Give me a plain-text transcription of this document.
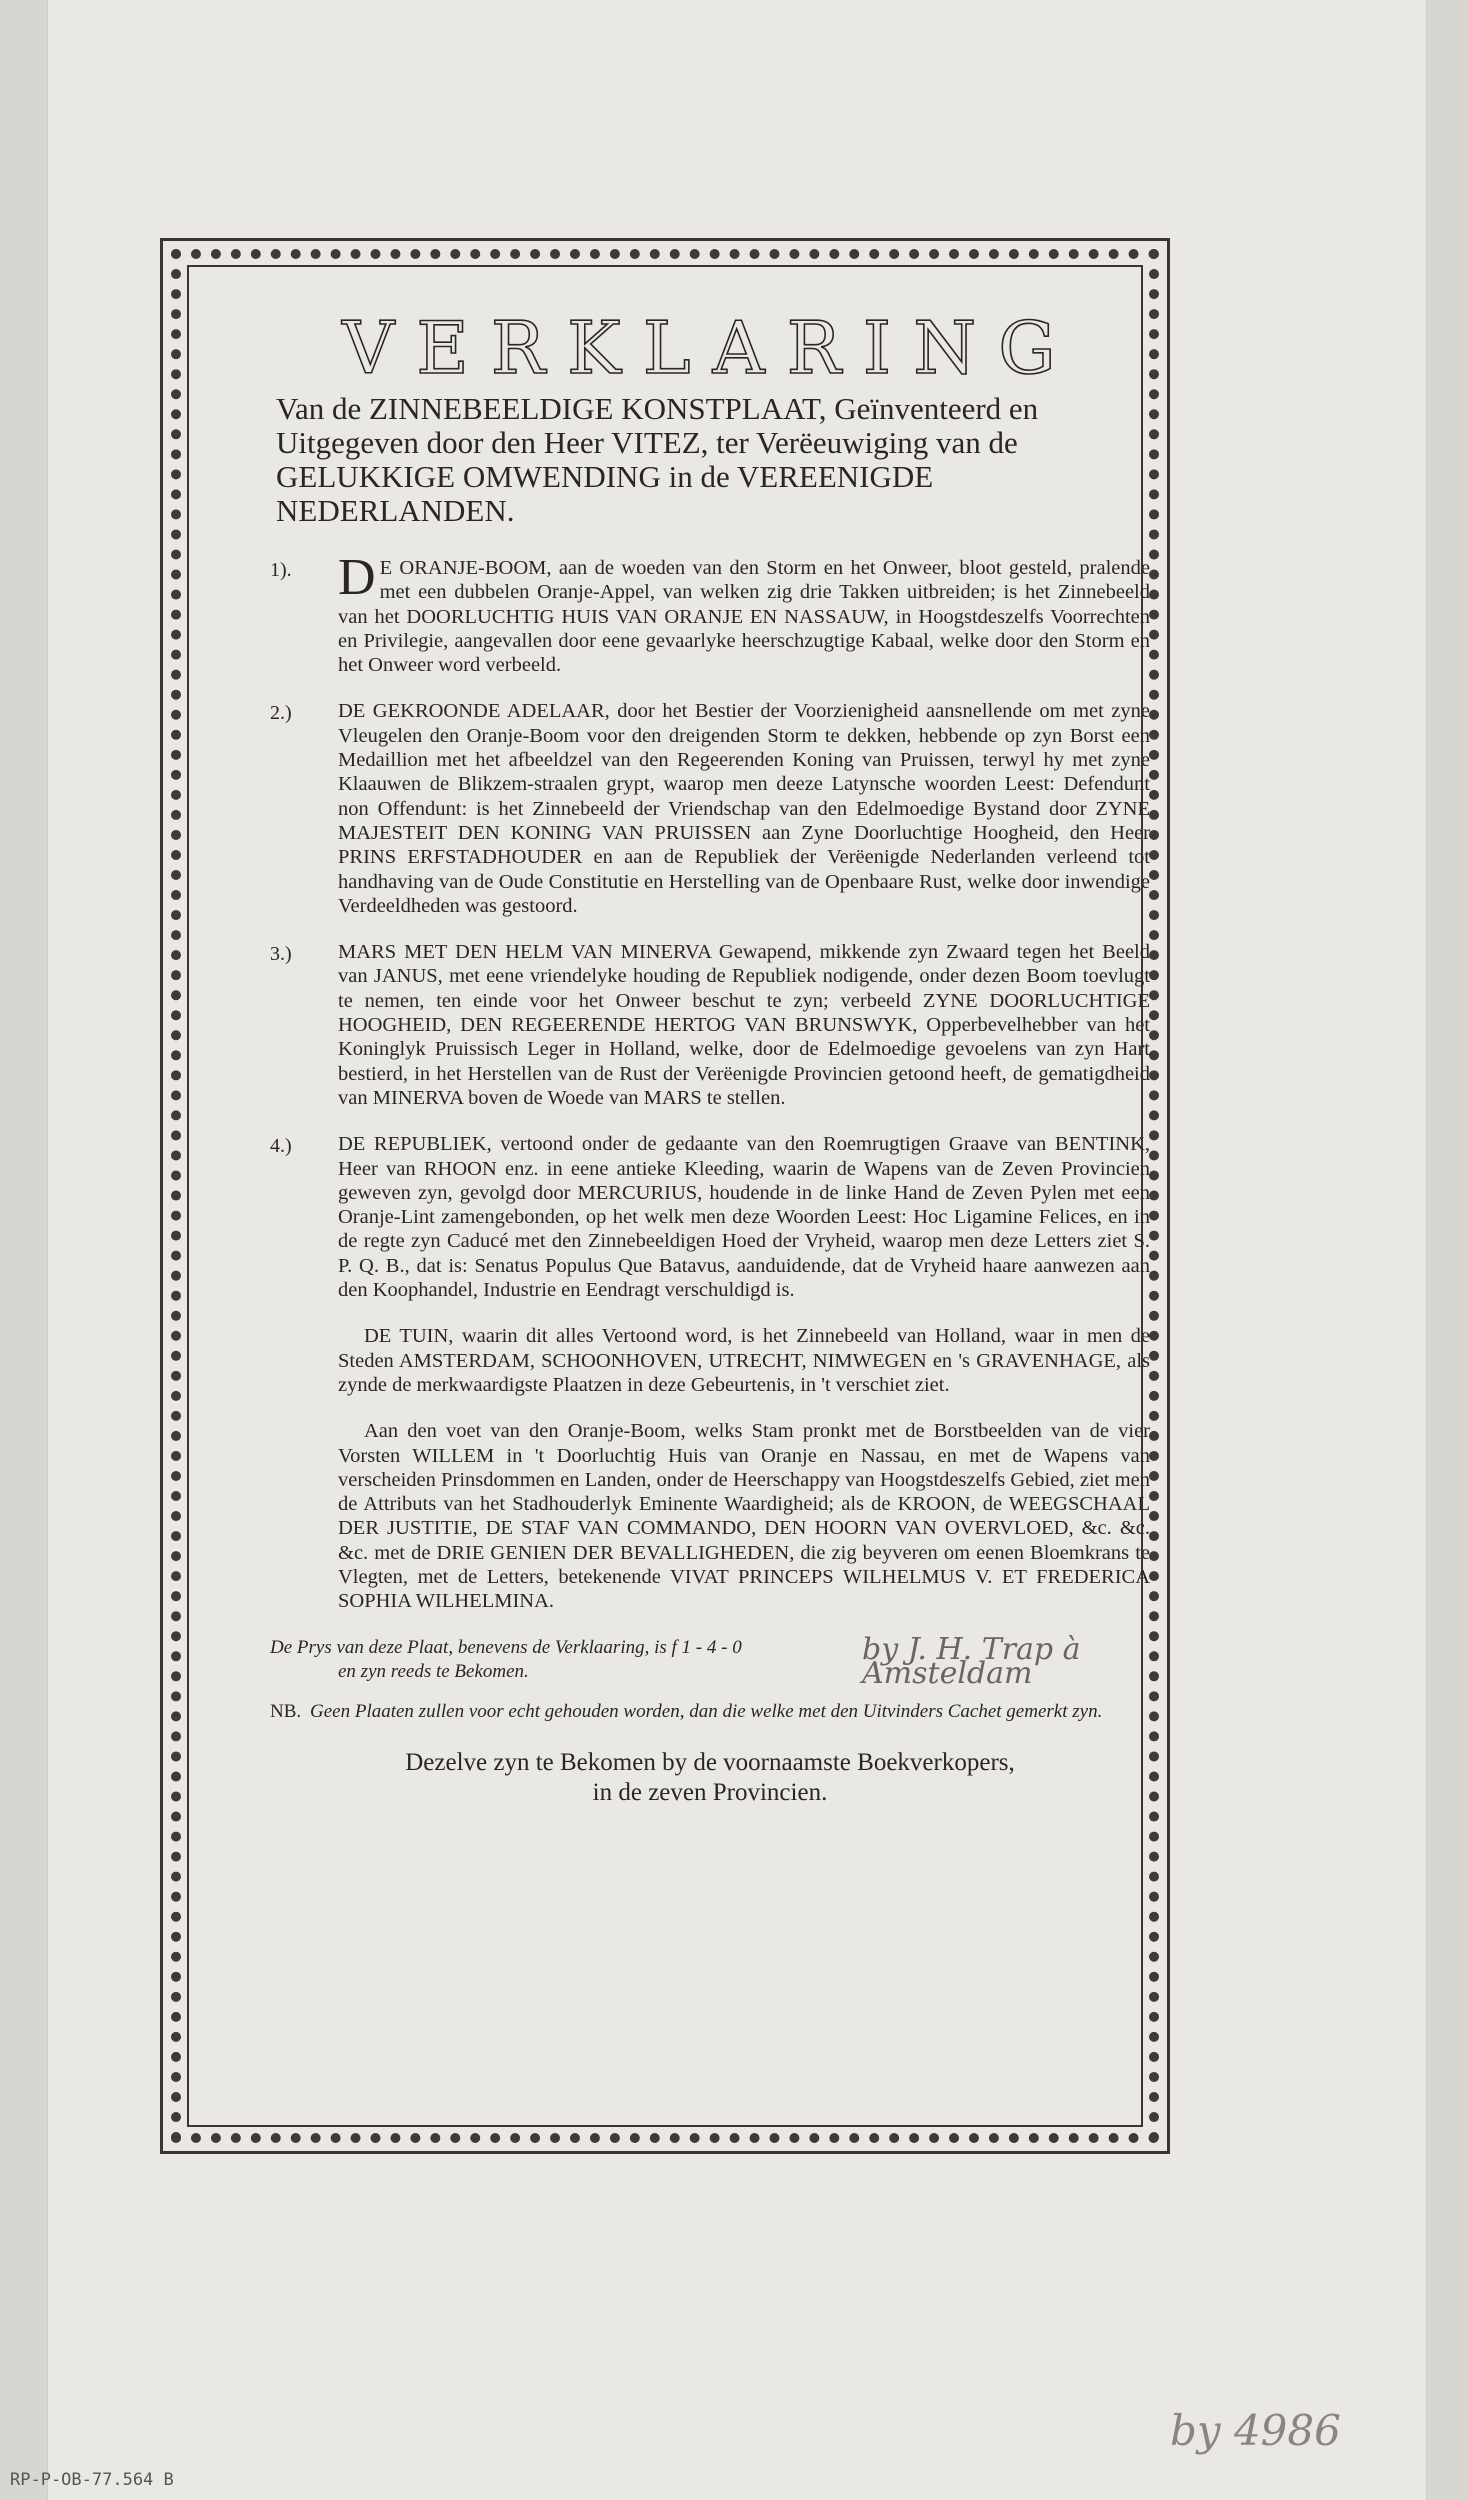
VERKLARING
Van de ZINNEBEELDIGE KONSTPLAAT, Geïnventeerd en Uitgegeven door den Heer VITEZ, ter Verëeuwiging van de GELUKKIGE OMWENDING in de VEREENIGDE NEDERLANDEN.
1). D E ORANJE-BOOM, aan de woeden van den Storm en het Onweer, bloot gesteld, pralende met een dubbelen Oranje-Appel, van welken zig drie Takken uitbreiden; is het Zinnebeeld van het DOORLUCHTIG HUIS VAN ORANJE EN NASSAUW, in Hoogstdeszelfs Voorrechten en Privilegie, aangevallen door eene gevaarlyke heerschzugtige Kabaal, welke door den Storm en het Onweer word verbeeld.
2.)	DE GEKROONDE ADELAAR, door het Bestier der Voorzienigheid aansnellende om met zyne Vleugelen den Oranje-Boom voor den dreigenden Storm te dekken, hebbende op zyn Borst een Medaillion met het afbeeldzel van den Regeerenden Koning van Pruissen, terwyl hy met zyne Klaauwen de Blikzem-straalen grypt, waarop men deeze Latynsche woorden Leest: Defendunt non Offendunt: is het Zinnebeeld der Vriendschap van den Edelmoedige Bystand door ZYNE MAJESTEIT DEN KONING VAN PRUISSEN aan Zyne Doorluchtige Hoogheid, den Heer PRINS ERFSTADHOUDER en aan de Republiek der Verëenigde Nederlanden verleend tot handhaving van de Oude Constitutie en Herstelling van de Openbaare Rust, welke door inwendige Verdeeldheden was gestoord.
3.)	MARS MET DEN HELM VAN MINERVA Gewapend, mikkende zyn Zwaard tegen het Beeld van JANUS, met eene vriendelyke houding de Republiek nodigende, onder dezen Boom toevlugt te nemen, ten einde voor het Onweer beschut te zyn; verbeeld ZYNE DOORLUCHTIGE HOOGHEID, DEN REGEERENDE HERTOG VAN BRUNSWYK, Opperbevelhebber van het Koninglyk Pruissisch Leger in Holland, welke, door de Edelmoedige gevoelens van zyn Hart bestierd, in het Herstellen van de Rust der Verëenigde Provincien getoond heeft, de gematigdheid van MINERVA boven de Woede van MARS te stellen.
4.)	DE REPUBLIEK, vertoond onder de gedaante van den Roemrugtigen Graave van BENTINK, Heer van RHOON enz. in eene antieke Kleeding, waarin de Wapens van de Zeven Provincien geweven zyn, gevolgd door MERCURIUS, houdende in de linke Hand de Zeven Pylen met een Oranje-Lint zamengebonden, op het welk men deze Woorden Leest: Hoc Ligamine Felices, en in de regte zyn Caducé met den Zinnebeeldigen Hoed der Vryheid, waarop men deze Letters ziet S. P. Q. B., dat is: Senatus Populus Que Batavus, aanduidende, dat de Vryheid haare aanwezen aan den Koophandel, Industrie en Eendragt verschuldigd is.
DE TUIN, waarin dit alles Vertoond word, is het Zinnebeeld van Holland, waar in men de Steden AMSTERDAM, SCHOONHOVEN, UTRECHT, NIMWEGEN en 's GRAVENHAGE, als zynde de merkwaardigste Plaatzen in deze Gebeurtenis, in 't verschiet ziet.
Aan den voet van den Oranje-Boom, welks Stam pronkt met de Borstbeelden van de vier Vorsten WILLEM in 't Doorluchtig Huis van Oranje en Nassau, en met de Wapens van verscheiden Prinsdommen en Landen, onder de Heerschappy van Hoogstdeszelfs Gebied, ziet men de Attributs van het Stadhouderlyk Eminente Waardigheid; als de KROON, de WEEGSCHAAL DER JUSTITIE, DE STAF VAN COMMANDO, DEN HOORN VAN OVERVLOED, &c. &c. &c. met de DRIE GENIEN DER BEVALLIGHEDEN, die zig beyveren om eenen Bloemkrans te Vlegten, met de Letters, betekenende VIVAT PRINCEPS WILHELMUS V. ET FREDERICA SOPHIA WILHELMINA.
De Prys van deze Plaat, benevens de Verklaaring, is f 1 - 4 - 0
en zyn reeds te Bekomen.
by J. H. Trap à Amsteldam
NB. Geen Plaaten zullen voor echt gehouden worden, dan die welke met den Uitvinders Cachet gemerkt zyn.
Dezelve zyn te Bekomen by de voornaamste Boekverkopers,
in de zeven Provincien.
by 4986
RP-P-OB-77.564 B
